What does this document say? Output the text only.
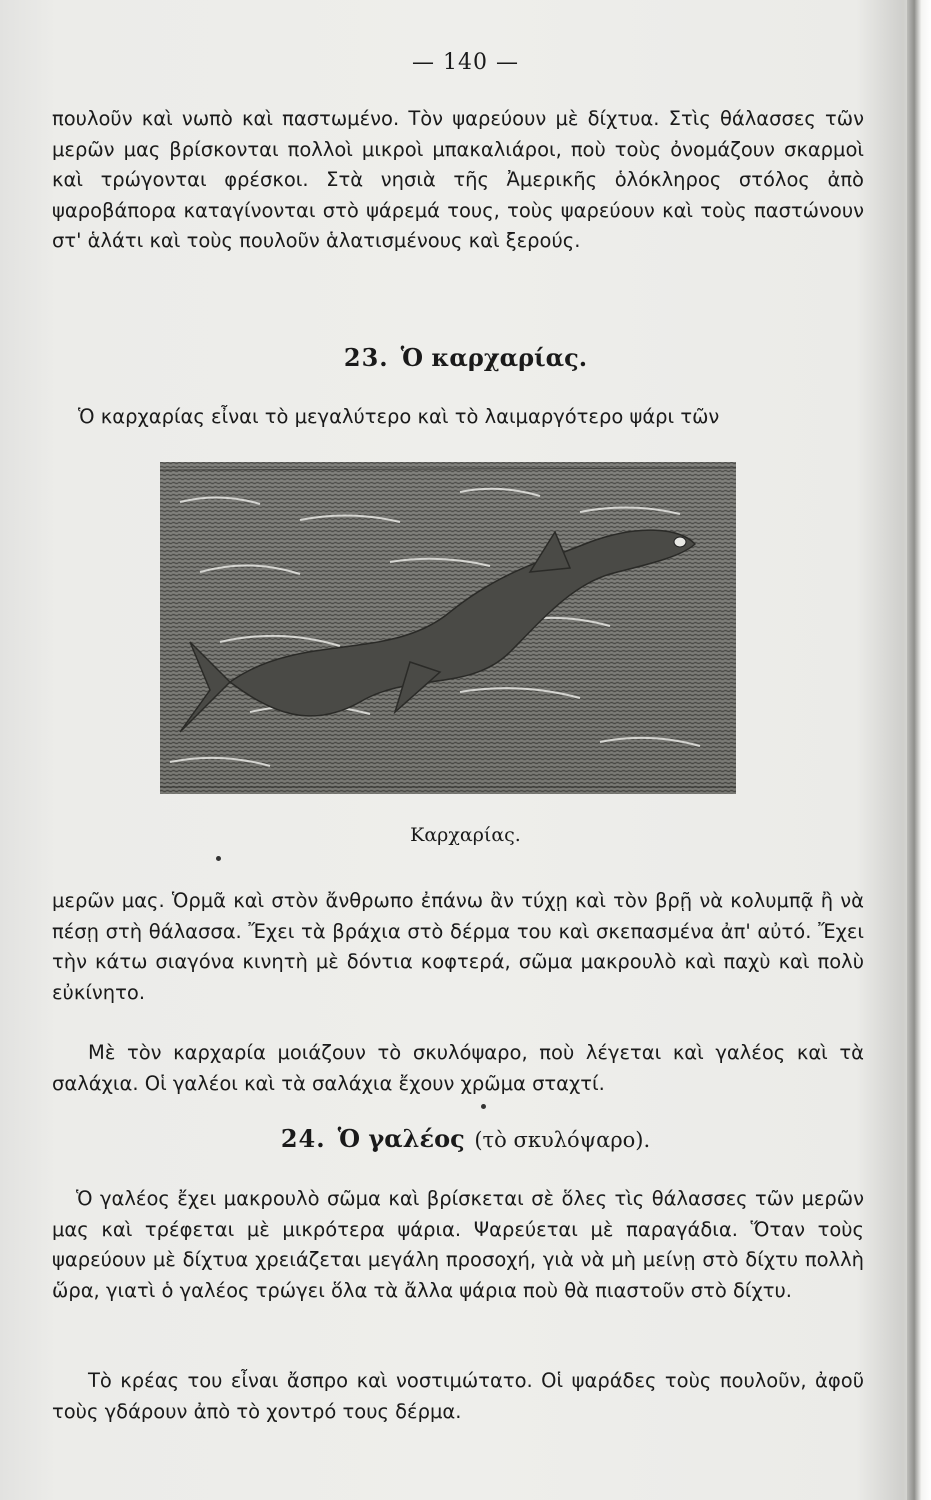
— 140 —

πουλοῦν καὶ νωπὸ καὶ παστωμένο. Τὸν ψαρεύουν μὲ δίχτυα. Στὶς θάλασσες τῶν μερῶν μας βρίσκονται πολλοὶ μικροὶ μπακαλιάροι, ποὺ τοὺς ὀνομάζουν σκαρμοὶ καὶ τρώγονται φρέσκοι. Στὰ νησιὰ τῆς Ἀμερικῆς ὁλόκληρος στόλος ἀπὸ ψαροβάπορα καταγίνονται στὸ ψάρεμά τους, τοὺς ψαρεύουν καὶ τοὺς παστώνουν στ' ἁλάτι καὶ τοὺς πουλοῦν ἁλατισμένους καὶ ξερούς.

23. Ὁ καρχαρίας.

Ὁ καρχαρίας εἶναι τὸ μεγαλύτερο καὶ τὸ λαιμαργότερο ψάρι τῶν

Καρχαρίας.

μερῶν μας. Ὁρμᾶ καὶ στὸν ἄνθρωπο ἐπάνω ἂν τύχῃ καὶ τὸν βρῇ νὰ κολυμπᾷ ἢ νὰ πέσῃ στὴ θάλασσα. Ἔχει τὰ βράχια στὸ δέρμα του καὶ σκεπασμένα ἀπ' αὐτό. Ἔχει τὴν κάτω σιαγόνα κινητὴ μὲ δόντια κοφτερά, σῶμα μακρουλὸ καὶ παχὺ καὶ πολὺ εὐκίνητο.

Μὲ τὸν καρχαρία μοιάζουν τὸ σκυλόψαρο, ποὺ λέγεται καὶ γαλέος καὶ τὰ σαλάχια. Οἱ γαλέοι καὶ τὰ σαλάχια ἔχουν χρῶμα σταχτί.

24. Ὁ γαλέος (τὸ σκυλόψαρο).

Ὁ γαλέος ἔχει μακρουλὸ σῶμα καὶ βρίσκεται σὲ ὅλες τὶς θάλασσες τῶν μερῶν μας καὶ τρέφεται μὲ μικρότερα ψάρια. Ψαρεύεται μὲ παραγάδια. Ὅταν τοὺς ψαρεύουν μὲ δίχτυα χρειάζεται μεγάλη προσοχή, γιὰ νὰ μὴ μείνῃ στὸ δίχτυ πολλὴ ὥρα, γιατὶ ὁ γαλέος τρώγει ὅλα τὰ ἄλλα ψάρια ποὺ θὰ πιαστοῦν στὸ δίχτυ.

Τὸ κρέας του εἶναι ἄσπρο καὶ νοστιμώτατο. Οἱ ψαράδες τοὺς πουλοῦν, ἀφοῦ τοὺς γδάρουν ἀπὸ τὸ χοντρό τους δέρμα.
